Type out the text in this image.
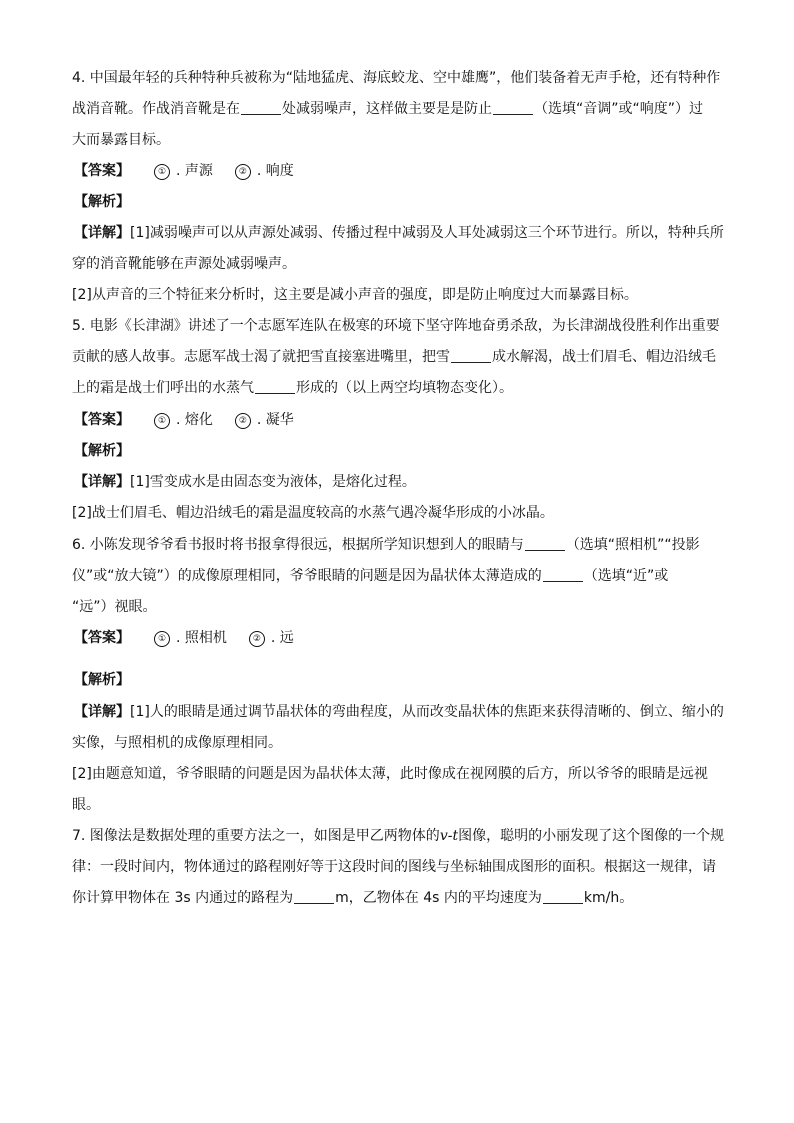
4. 中国最年轻的兵种特种兵被称为“陆地猛虎、海底蛟龙、空中雄鹰”，他们装备着无声手枪，还有特种作
战消音靴。作战消音靴是在	处减弱噪声，这样做主要是是防止	（选填“音调”或“响度”）过
大而暴露目标。
【答案】	① . 声源	② . 响度
【解析】
【详解】[1]减弱噪声可以从声源处减弱、传播过程中减弱及人耳处减弱这三个环节进行。所以，特种兵所
穿的消音靴能够在声源处减弱噪声。
[2]从声音的三个特征来分析时，这主要是减小声音的强度，即是防止响度过大而暴露目标。
5. 电影《长津湖》讲述了一个志愿军连队在极寒的环境下坚守阵地奋勇杀敌，为长津湖战役胜利作出重要
贡献的感人故事。志愿军战士渴了就把雪直接塞进嘴里，把雪	成水解渴，战士们眉毛、帽边沿绒毛
上的霜是战士们呼出的水蒸气	形成的（以上两空均填物态变化）。
【答案】	① . 熔化	② . 凝华
【解析】
【详解】[1]雪变成水是由固态变为液体，是熔化过程。
[2]战士们眉毛、帽边沿绒毛的霜是温度较高的水蒸气遇冷凝华形成的小冰晶。
6. 小陈发现爷爷看书报时将书报拿得很远，根据所学知识想到人的眼睛与	（选填“照相机”“投影
仪”或“放大镜”）的成像原理相同，爷爷眼睛的问题是因为晶状体太薄造成的	（选填“近”或
“远”）视眼。
【答案】	① . 照相机	② . 远
【解析】
【详解】[1]人的眼睛是通过调节晶状体的弯曲程度，从而改变晶状体的焦距来获得清晰的、倒立、缩小的
实像，与照相机的成像原理相同。
[2]由题意知道，爷爷眼睛的问题是因为晶状体太薄，此时像成在视网膜的后方，所以爷爷的眼睛是远视
眼。
7. 图像法是数据处理的重要方法之一，如图是甲乙两物体的v-t图像，聪明的小丽发现了这个图像的一个规
律：一段时间内，物体通过的路程刚好等于这段时间的图线与坐标轴围成图形的面积。根据这一规律，请
你计算甲物体在 3s 内通过的路程为	m，乙物体在 4s 内的平均速度为	km/h。
